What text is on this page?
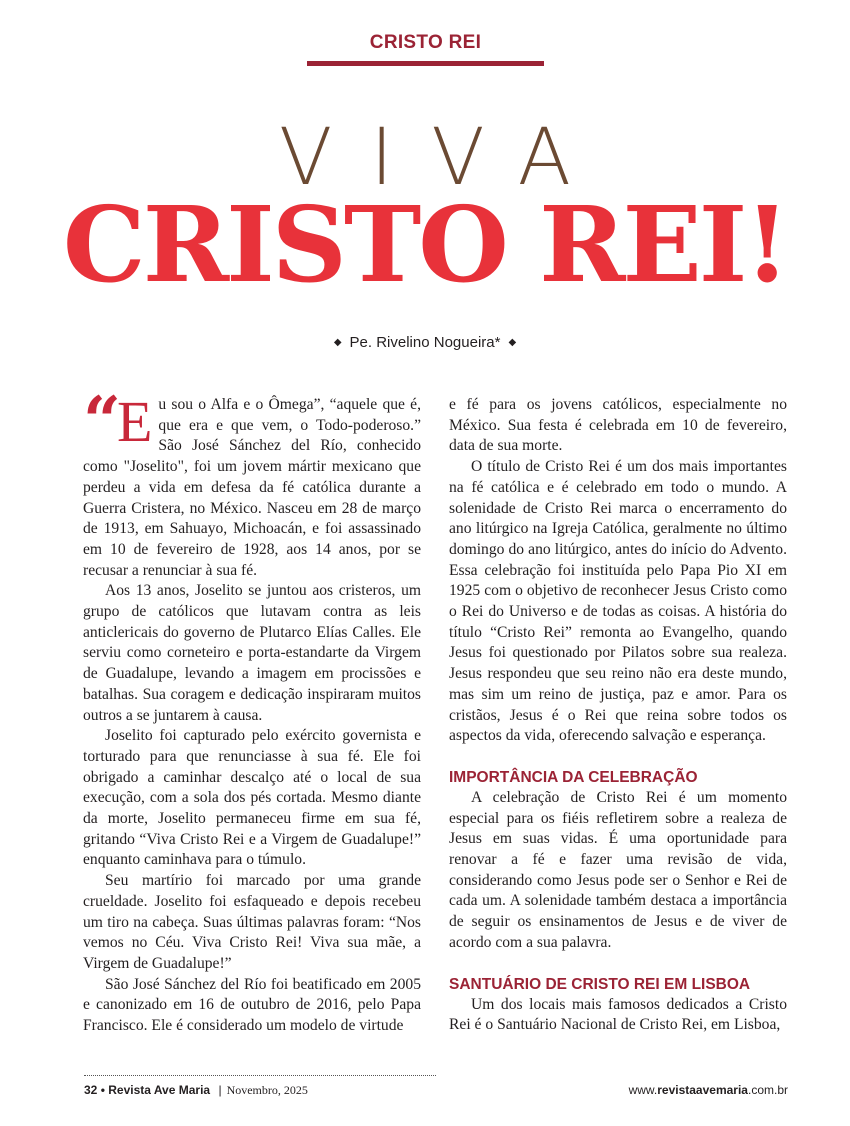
CRISTO REI
VIVA
CRISTO REI!
◆ Pe. Rivelino Nogueira* ◆

“ E u sou o Alfa e o Ômega”, “aquele que é, que era e que vem, o Todo-poderoso.” São José Sánchez del Río, conhecido como "Joselito", foi um jovem mártir mexicano que perdeu a vida em defesa da fé católica durante a Guerra Cristera, no México. Nasceu em 28 de março de 1913, em Sahuayo, Michoacán, e foi assassinado em 10 de fevereiro de 1928, aos 14 anos, por se recusar a renunciar à sua fé.

Aos 13 anos, Joselito se juntou aos cristeros, um grupo de católicos que lutavam contra as leis anticlericais do governo de Plutarco Elías Calles. Ele serviu como corneteiro e porta-estandarte da Virgem de Guadalupe, levando a imagem em procissões e batalhas. Sua coragem e dedicação inspiraram muitos outros a se juntarem à causa.

Joselito foi capturado pelo exército governista e torturado para que renunciasse à sua fé. Ele foi obrigado a caminhar descalço até o local de sua execução, com a sola dos pés cortada. Mesmo diante da morte, Joselito permaneceu firme em sua fé, gritando “Viva Cristo Rei e a Virgem de Guadalupe!” enquanto caminhava para o túmulo.

Seu martírio foi marcado por uma grande crueldade. Joselito foi esfaqueado e depois recebeu um tiro na cabeça. Suas últimas palavras foram: “Nos vemos no Céu. Viva Cristo Rei! Viva sua mãe, a Virgem de Guadalupe!”

São José Sánchez del Río foi beatificado em 2005 e canonizado em 16 de outubro de 2016, pelo Papa Francisco. Ele é considerado um modelo de virtude

e fé para os jovens católicos, especialmente no México. Sua festa é celebrada em 10 de fevereiro, data de sua morte.

O título de Cristo Rei é um dos mais importantes na fé católica e é celebrado em todo o mundo. A solenidade de Cristo Rei marca o encerramento do ano litúrgico na Igreja Católica, geralmente no último domingo do ano litúrgico, antes do início do Advento. Essa celebração foi instituída pelo Papa Pio XI em 1925 com o objetivo de reconhecer Jesus Cristo como o Rei do Universo e de todas as coisas. A história do título “Cristo Rei” remonta ao Evangelho, quando Jesus foi questionado por Pilatos sobre sua realeza. Jesus respondeu que seu reino não era deste mundo, mas sim um reino de justiça, paz e amor. Para os cristãos, Jesus é o Rei que reina sobre todos os aspectos da vida, oferecendo salvação e esperança.

IMPORTÂNCIA DA CELEBRAÇÃO

A celebração de Cristo Rei é um momento especial para os fiéis refletirem sobre a realeza de Jesus em suas vidas. É uma oportunidade para renovar a fé e fazer uma revisão de vida, considerando como Jesus pode ser o Senhor e Rei de cada um. A solenidade também destaca a importância de seguir os ensinamentos de Jesus e de viver de acordo com a sua palavra.

SANTUÁRIO DE CRISTO REI EM LISBOA

Um dos locais mais famosos dedicados a Cristo Rei é o Santuário Nacional de Cristo Rei, em Lisboa,

32 • Revista Ave Maria | Novembro, 2025	www.revistaavemaria.com.br
